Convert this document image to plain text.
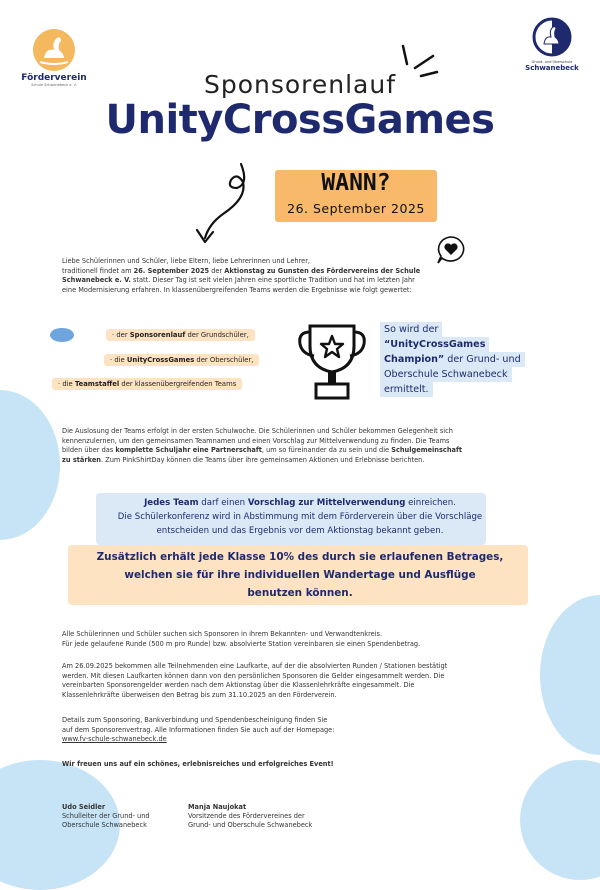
Förderverein
Schule Schwanebeck e. V.
Grund- und Oberschule
Schwanebeck
Sponsorenlauf
UnityCrossGames
WANN?
26. September 2025

Liebe Schülerinnen und Schüler, liebe Eltern, liebe Lehrerinnen und Lehrer,

traditionell findet am 26. September 2025 der Aktionstag zu Gunsten des Fördervereins der Schule

Schwanebeck e. V. statt. Dieser Tag ist seit vielen Jahren eine sportliche Tradition und hat im letzten Jahr

eine Modernisierung erfahren. In klassenübergreifenden Teams werden die Ergebnisse wie folgt gewertet:

· der Sponsorenlauf der Grundschüler,
· die UnityCrossGames der Oberschüler,
· die Teamstaffel der klassenübergreifenden Teams
So wird der
“UnityCrossGames
Champion” der Grund- und
Oberschule Schwanebeck
ermittelt.

Die Auslosung der Teams erfolgt in der ersten Schulwoche. Die Schülerinnen und Schüler bekommen Gelegenheit sich

kennenzulernen, um den gemeinsamen Teamnamen und einen Vorschlag zur Mittelverwendung zu finden. Die Teams

bilden über das komplette Schuljahr eine Partnerschaft, um so füreinander da zu sein und die Schulgemeinschaft

zu stärken. Zum PinkShirtDay können die Teams über ihre gemeinsamen Aktionen und Erlebnisse berichten.

Jedes Team darf einen Vorschlag zur Mittelverwendung einreichen.

Die Schülerkonferenz wird in Abstimmung mit dem Förderverein über die Vorschläge

entscheiden und das Ergebnis vor dem Aktionstag bekannt geben.

Zusätzlich erhält jede Klasse 10% des durch sie erlaufenen Betrages,

welchen sie für ihre individuellen Wandertage und Ausflüge

benutzen können.

Alle Schülerinnen und Schüler suchen sich Sponsoren in ihrem Bekannten- und Verwandtenkreis.

Für jede gelaufene Runde (500 m pro Runde) bzw. absolvierte Station vereinbaren sie einen Spendenbetrag.

Am 26.09.2025 bekommen alle Teilnehmenden eine Laufkarte, auf der die absolvierten Runden / Stationen bestätigt

werden. Mit diesen Laufkarten können dann von den persönlichen Sponsoren die Gelder eingesammelt werden. Die

vereinbarten Sponsorengelder werden nach dem Aktionstag über die Klassenlehrkräfte eingesammelt. Die

Klassenlehrkräfte überweisen den Betrag bis zum 31.10.2025 an den Förderverein.

Details zum Sponsoring, Bankverbindung und Spendenbescheinigung finden Sie

auf dem Sponsorenvertrag. Alle Informationen finden Sie auch auf der Homepage:

www.fv-schule-schwanebeck.de

Wir freuen uns auf ein schönes, erlebnisreiches und erfolgreiches Event!

Udo Seidler

Schulleiter der Grund- und

Oberschule Schwanebeck

Manja Naujokat

Vorsitzende des Fördervereines der

Grund- und Oberschule Schwanebeck
